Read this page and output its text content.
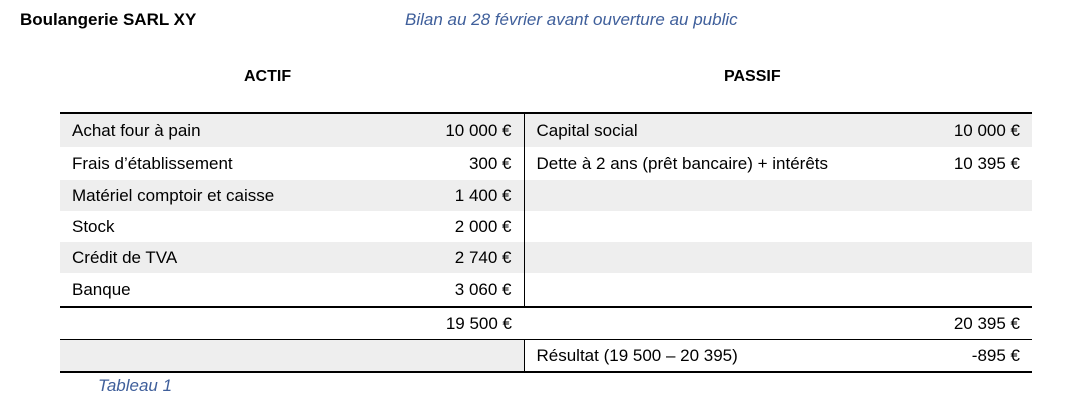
Boulangerie SARL XY	Bilan au 28 février avant ouverture au public
ACTIF	PASSIF
Achat four à pain	10 000 €	Capital social	10 000 €
Frais d’établissement	300 €	Dette à 2 ans (prêt bancaire) + intérêts	10 395 €
Matériel comptoir et caisse	1 400 €		
Stock	2 000 €		
Crédit de TVA	2 740 €		
Banque	3 060 €		
	19 500 €		20 395 €
		Résultat (19 500 – 20 395)	-895 €
Tableau 1
